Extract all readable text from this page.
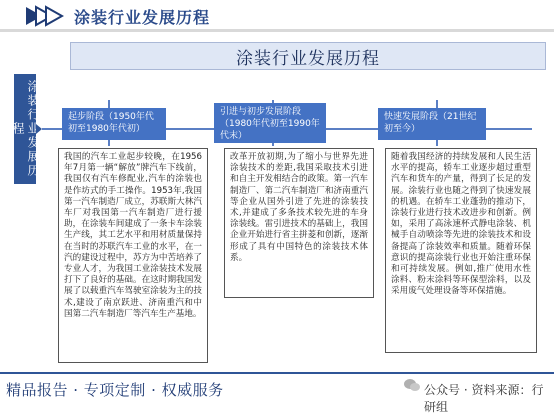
涂装行业发展历程
涂装行业发展历程
涂装行业发展历程
起步阶段（1950年代初至1980年代初）
引进与初步发展阶段（1980年代初至1990年代末）
快速发展阶段（21世纪初至今）
我国的汽车工业起步较晚，在1956年7月第一辆“解放”牌汽车下线前，我国仅有汽车修配业,汽车的涂装也是作坊式的手工操作。1953年,我国第一汽车制造厂成立，苏联斯大林汽车厂对我国第一汽车制造厂进行援助，在涂装车间建成了一条卡车涂装生产线，其工艺水平和用材质量保持在当时的苏联汽车工业的水平，在一汽的建设过程中，苏方为中苦培养了专业人才，为我国工业涂装技术发展打下了良好的基础。在这时期我国发展了以载重汽车驾驶室涂装为主的技术,建设了南京跃进、济南重汽和中国第二汽车制造厂等汽车生产基地。
改革开放初期,为了缩小与世界先进涂装技术的差距,我国采取技术引进和自主开发相结合的政策。第一汽车制造厂、第二汽车制造厂和济南重汽等企业从国外引进了先进的涂装技术,并建成了多条技术较先进的车身涂装线。雷引进技术的基础上，我国企业开始进行省主拼菱和创新，逐渐形成了具有中国特色的涂装技术体系。
随着我国经济的持续发展和人民生活水平的提高，轿车工业逐步超过重型汽车和货车的产量，得到了长足的发展。涂装行业也随之得到了快速发展的机遇。在轿车工业蓬勃的推动下，涂装行业进行技术改进步和创新。例如，采用了高泳速杯式静电涂装、机械手自动喷涂等先进的涂装技术和设备提高了涂装效率和质量。随着环保意识的提高涂装行业也开始注重环保和可持续发展。例如,推广使用水性涂料、粉末涂料等环保型涂料，以及采用废气处理设备等环保措施。
精品报告 · 专项定制 · 权威服务	公众号 · 资料来源：行研组
